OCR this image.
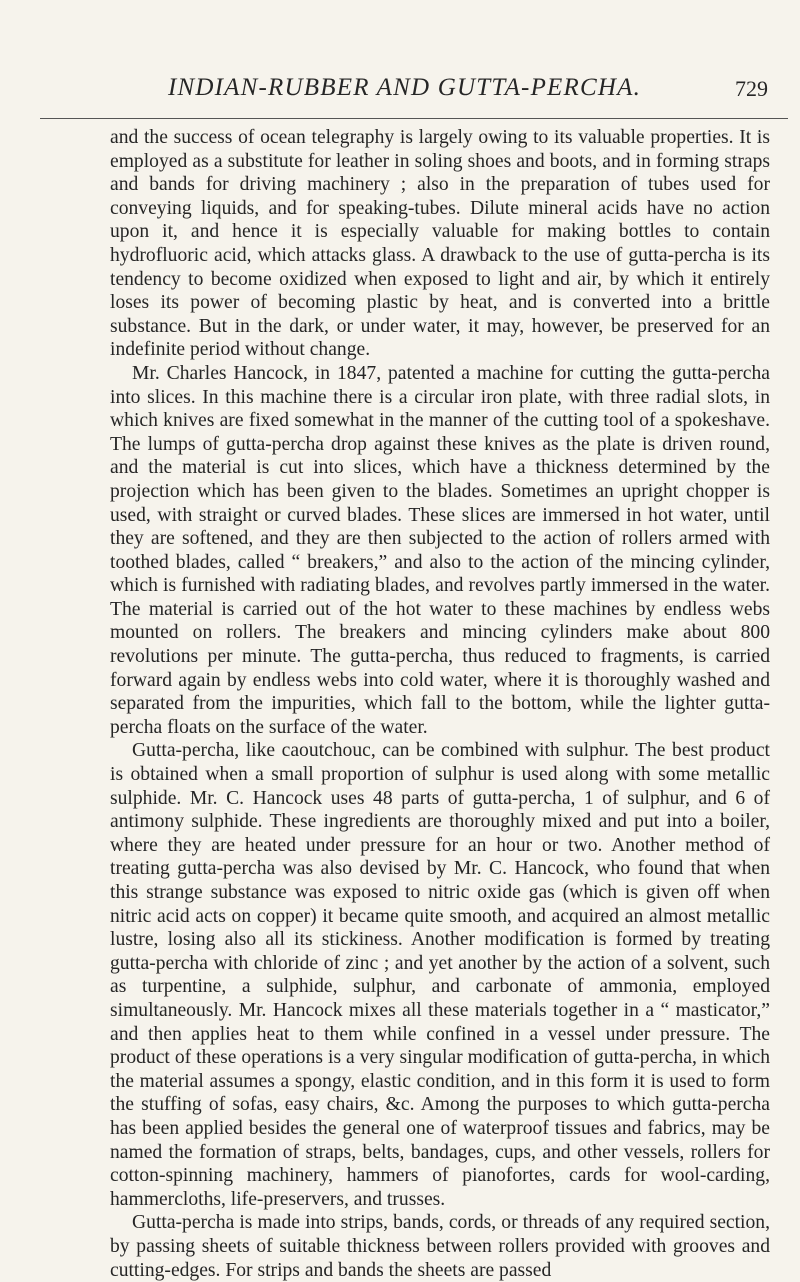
INDIAN-RUBBER AND GUTTA-PERCHA.	729

and the success of ocean telegraphy is largely owing to its valuable properties. It is employed as a substitute for leather in soling shoes and boots, and in forming straps and bands for driving machinery ; also in the preparation of tubes used for conveying liquids, and for speaking-tubes. Dilute mineral acids have no action upon it, and hence it is especially valuable for making bottles to contain hydrofluoric acid, which attacks glass. A drawback to the use of gutta-percha is its tendency to become oxidized when exposed to light and air, by which it entirely loses its power of becoming plastic by heat, and is converted into a brittle substance. But in the dark, or under water, it may, however, be preserved for an indefinite period without change.

Mr. Charles Hancock, in 1847, patented a machine for cutting the gutta-percha into slices. In this machine there is a circular iron plate, with three radial slots, in which knives are fixed somewhat in the manner of the cutting tool of a spokeshave. The lumps of gutta-percha drop against these knives as the plate is driven round, and the material is cut into slices, which have a thickness determined by the projection which has been given to the blades. Sometimes an upright chopper is used, with straight or curved blades. These slices are immersed in hot water, until they are softened, and they are then subjected to the action of rollers armed with toothed blades, called “ breakers,” and also to the action of the mincing cylinder, which is furnished with radiating blades, and revolves partly immersed in the water. The material is carried out of the hot water to these machines by endless webs mounted on rollers. The breakers and mincing cylinders make about 800 revolutions per minute. The gutta-percha, thus reduced to fragments, is carried forward again by endless webs into cold water, where it is thoroughly washed and separated from the impurities, which fall to the bottom, while the lighter gutta-percha floats on the surface of the water.

Gutta-percha, like caoutchouc, can be combined with sulphur. The best product is obtained when a small proportion of sulphur is used along with some metallic sulphide. Mr. C. Hancock uses 48 parts of gutta-percha, 1 of sulphur, and 6 of antimony sulphide. These ingredients are thoroughly mixed and put into a boiler, where they are heated under pressure for an hour or two. Another method of treating gutta-percha was also devised by Mr. C. Hancock, who found that when this strange substance was exposed to nitric oxide gas (which is given off when nitric acid acts on copper) it became quite smooth, and acquired an almost metallic lustre, losing also all its stickiness. Another modification is formed by treating gutta-percha with chloride of zinc ; and yet another by the action of a solvent, such as turpentine, a sulphide, sulphur, and carbonate of ammonia, employed simultaneously. Mr. Hancock mixes all these materials together in a “ masticator,” and then applies heat to them while confined in a vessel under pressure. The product of these operations is a very singular modification of gutta-percha, in which the material assumes a spongy, elastic condition, and in this form it is used to form the stuffing of sofas, easy chairs, &c. Among the purposes to which gutta-percha has been applied besides the general one of waterproof tissues and fabrics, may be named the formation of straps, belts, bandages, cups, and other vessels, rollers for cotton-spinning machinery, hammers of pianofortes, cards for wool-carding, hammercloths, life-preservers, and trusses.

Gutta-percha is made into strips, bands, cords, or threads of any required section, by passing sheets of suitable thickness between rollers provided with grooves and cutting-edges. For strips and bands the sheets are passed
